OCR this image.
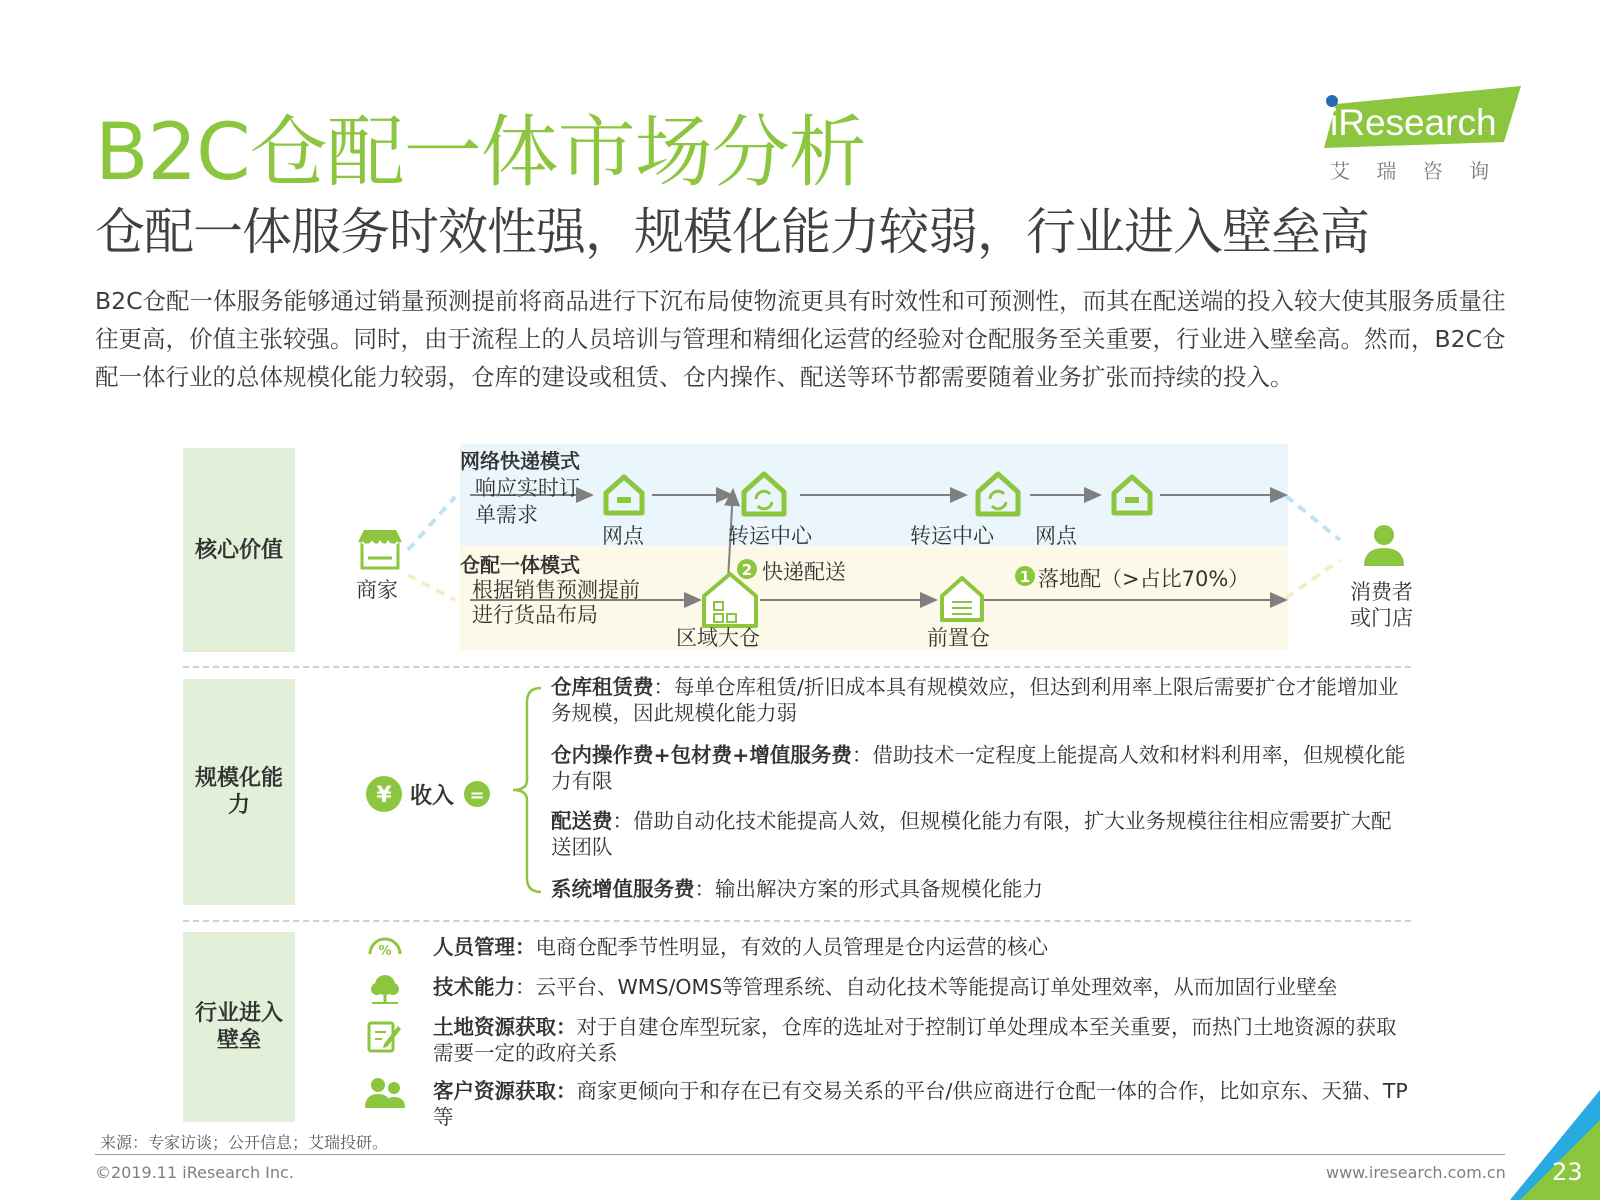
B2C仓配一体市场分析
仓配一体服务时效性强，规模化能力较弱，行业进入壁垒高
B2C仓配一体服务能够通过销量预测提前将商品进行下沉布局使物流更具有时效性和可预测性，而其在配送端的投入较大使其服务质量往往更高，价值主张较强。同时，由于流程上的人员培训与管理和精细化运营的经验对仓配服务至关重要，行业进入壁垒高。然而，B2C仓配一体行业的总体规模化能力较弱，仓库的建设或租赁、仓内操作、配送等环节都需要随着业务扩张而持续的投入。
iResearch
艾 瑞 咨 询
核心价值
规模化能力
行业进入壁垒
2	1
网络快递模式
响应实时订
单需求
仓配一体模式
根据销售预测提前
进行货品布局
商家
网点	转运中心	转运中心 网点
消费者
或门店
区域大仓	前置仓
快递配送	落地配（>占比70%）
¥ 收入 =
仓库租赁费：每单仓库租赁/折旧成本具有规模效应，但达到利用率上限后需要扩仓才能增加业务规模，因此规模化能力弱
仓内操作费+包材费+增值服务费：借助技术一定程度上能提高人效和材料利用率，但规模化能力有限
配送费：借助自动化技术能提高人效，但规模化能力有限，扩大业务规模往往相应需要扩大配送团队
系统增值服务费：输出解决方案的形式具备规模化能力
% 人员管理：电商仓配季节性明显，有效的人员管理是仓内运营的核心
技术能力：云平台、WMS/OMS等管理系统、自动化技术等能提高订单处理效率，从而加固行业壁垒
土地资源获取：对于自建仓库型玩家，仓库的选址对于控制订单处理成本至关重要，而热门土地资源的获取需要一定的政府关系
客户资源获取：商家更倾向于和存在已有交易关系的平台/供应商进行仓配一体的合作，比如京东、天猫、TP等
来源：专家访谈；公开信息；艾瑞投研。
©2019.11 iResearch Inc.	www.iresearch.com.cn 23
